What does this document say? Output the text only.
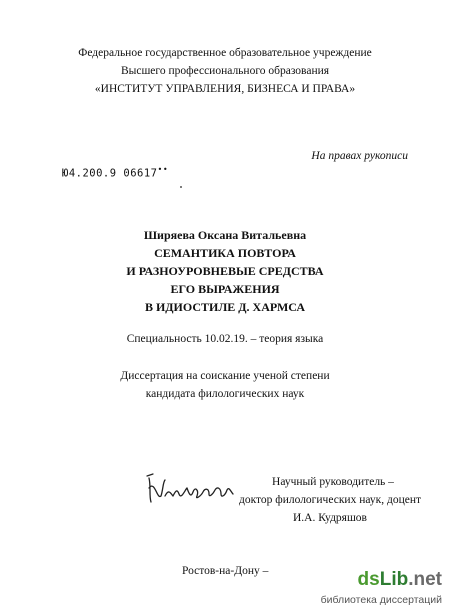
Федеральное государственное образовательное учреждение
Высшего профессионального образования
«ИНСТИТУТ УПРАВЛЕНИЯ, БИЗНЕСА И ПРАВА»
На правах рукописи
Ю4.200.9 06617••
Ширяева Оксана Витальевна
СЕМАНТИКА ПОВТОРА
И РАЗНОУРОВНЕВЫЕ СРЕДСТВА
ЕГО ВЫРАЖЕНИЯ
В ИДИОСТИЛЕ Д. ХАРМСА
Специальность 10.02.19. – теория языка
Диссертация на соискание ученой степени
кандидата филологических наук
Научный руководитель –
доктор филологических наук, доцент
И.А. Кудряшов
Ростов-на-Дону –	dsLib.net
библиотека диссертаций
